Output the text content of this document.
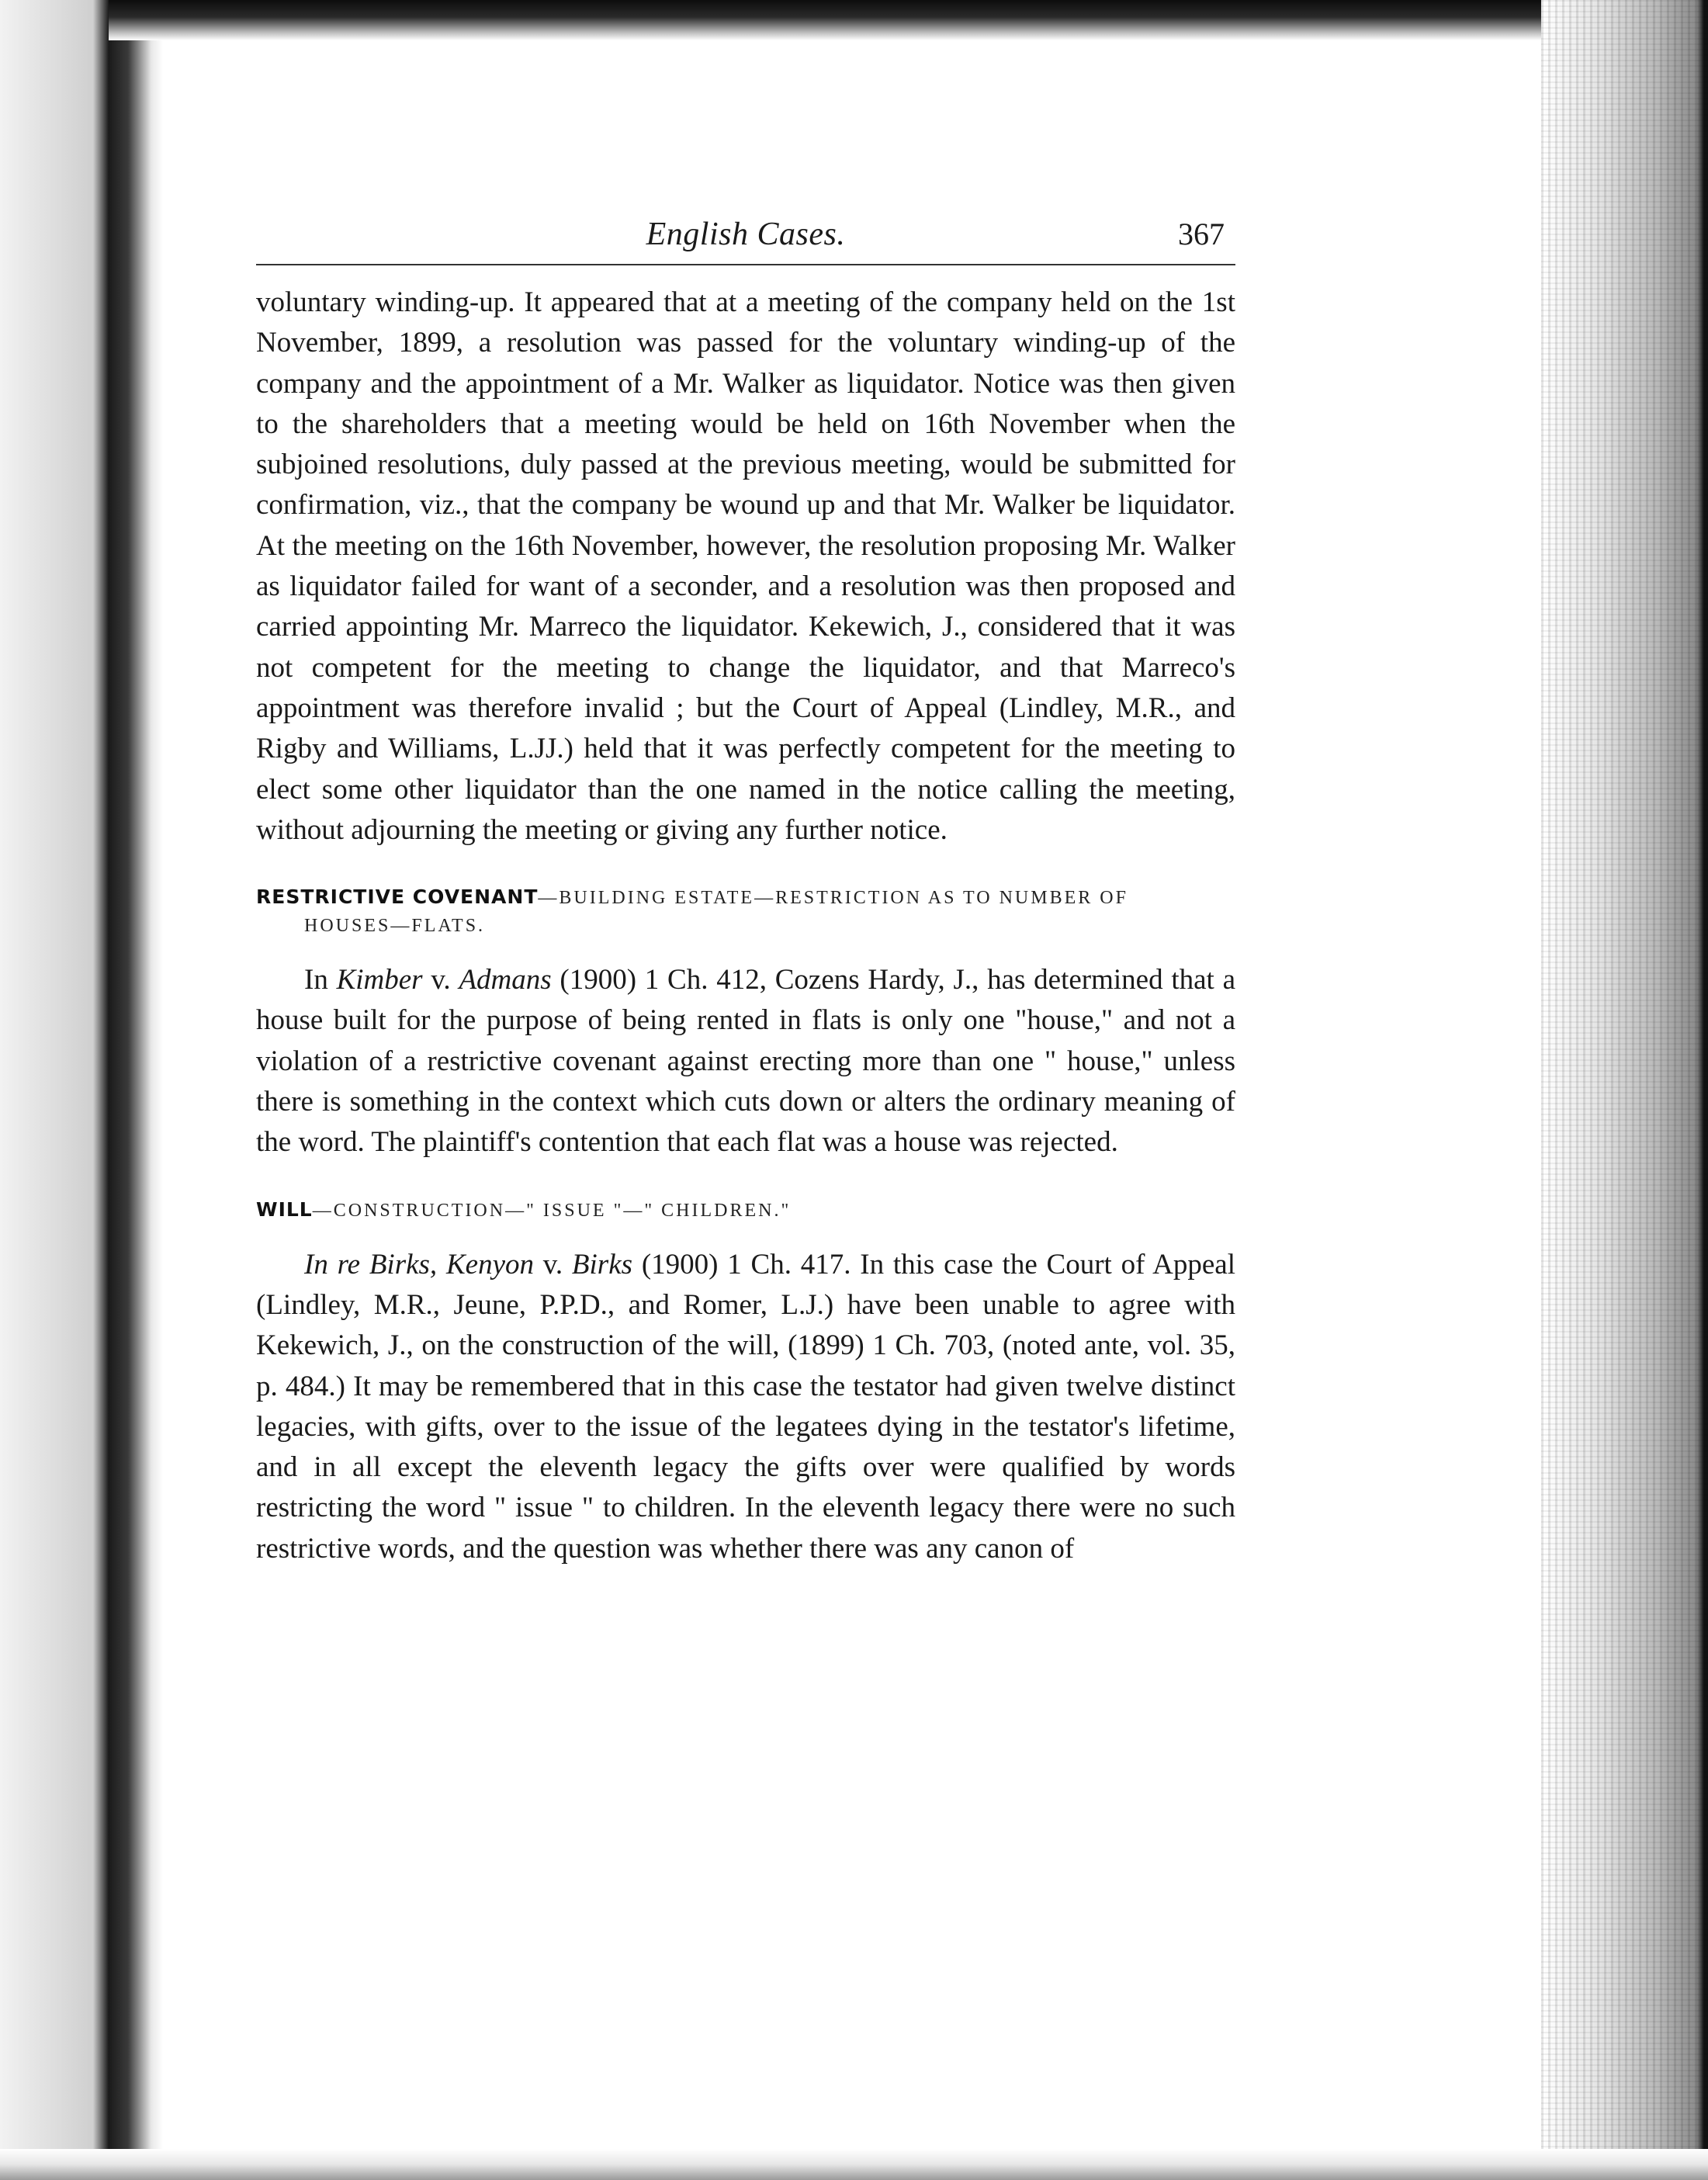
English Cases.	367

voluntary winding-up. It appeared that at a meeting of the company held on the 1st November, 1899, a resolution was passed for the voluntary winding-up of the company and the appointment of a Mr. Walker as liquidator. Notice was then given to the shareholders that a meeting would be held on 16th November when the subjoined resolutions, duly passed at the previous meeting, would be submitted for confirmation, viz., that the company be wound up and that Mr. Walker be liquidator. At the meeting on the 16th November, however, the resolution proposing Mr. Walker as liquidator failed for want of a seconder, and a resolution was then proposed and carried appointing Mr. Marreco the liquidator. Kekewich, J., considered that it was not competent for the meeting to change the liquidator, and that Marreco's appointment was therefore invalid ; but the Court of Appeal (Lindley, M.R., and Rigby and Williams, L.JJ.) held that it was perfectly competent for the meeting to elect some other liquidator than the one named in the notice calling the meeting, without adjourning the meeting or giving any further notice.

RESTRICTIVE COVENANT—BUILDING ESTATE—RESTRICTION AS TO NUMBER OF
HOUSES—FLATS.

In Kimber v. Admans (1900) 1 Ch. 412, Cozens Hardy, J., has determined that a house built for the purpose of being rented in flats is only one "house," and not a violation of a restrictive covenant against erecting more than one " house," unless there is something in the context which cuts down or alters the ordinary meaning of the word. The plaintiff's contention that each flat was a house was rejected.

WILL—CONSTRUCTION—" ISSUE "—" CHILDREN."

In re Birks, Kenyon v. Birks (1900) 1 Ch. 417. In this case the Court of Appeal (Lindley, M.R., Jeune, P.P.D., and Romer, L.J.) have been unable to agree with Kekewich, J., on the construction of the will, (1899) 1 Ch. 703, (noted ante, vol. 35, p. 484.) It may be remembered that in this case the testator had given twelve distinct legacies, with gifts, over to the issue of the legatees dying in the testator's lifetime, and in all except the eleventh legacy the gifts over were qualified by words restricting the word " issue " to children. In the eleventh legacy there were no such restrictive words, and the question was whether there was any canon of
